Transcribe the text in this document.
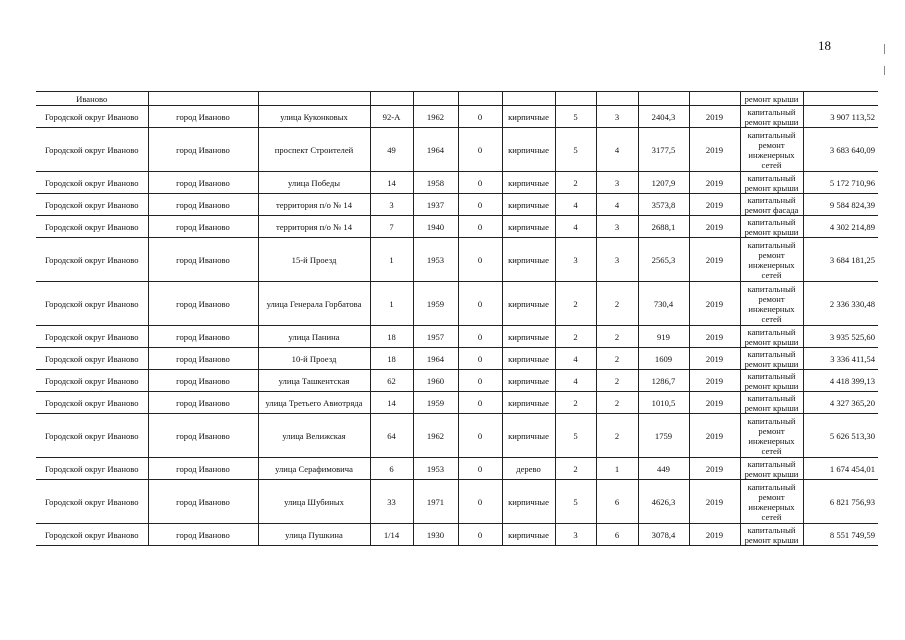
18
Иваново											ремонт крыши	
Городской округ Иваново	город Иваново	улица Куконковых	92-А	1962	0	кирпичные	5	3	2404,3	2019	капитальный ремонт крыши	3 907 113,52
Городской округ Иваново	город Иваново	проспект Строителей	49	1964	0	кирпичные	5	4	3177,5	2019	капитальный ремонт инженерных сетей	3 683 640,09
Городской округ Иваново	город Иваново	улица Победы	14	1958	0	кирпичные	2	3	1207,9	2019	капитальный ремонт крыши	5 172 710,96
Городской округ Иваново	город Иваново	территория п/о № 14	3	1937	0	кирпичные	4	4	3573,8	2019	капитальный ремонт фасада	9 584 824,39
Городской округ Иваново	город Иваново	территория п/о № 14	7	1940	0	кирпичные	4	3	2688,1	2019	капитальный ремонт крыши	4 302 214,89
Городской округ Иваново	город Иваново	15-й Проезд	1	1953	0	кирпичные	3	3	2565,3	2019	капитальный ремонт инженерных сетей	3 684 181,25
Городской округ Иваново	город Иваново	улица Генерала Горбатова	1	1959	0	кирпичные	2	2	730,4	2019	капитальный ремонт инженерных сетей	2 336 330,48
Городской округ Иваново	город Иваново	улица Панина	18	1957	0	кирпичные	2	2	919	2019	капитальный ремонт крыши	3 935 525,60
Городской округ Иваново	город Иваново	10-й Проезд	18	1964	0	кирпичные	4	2	1609	2019	капитальный ремонт крыши	3 336 411,54
Городской округ Иваново	город Иваново	улица Ташкентская	62	1960	0	кирпичные	4	2	1286,7	2019	капитальный ремонт крыши	4 418 399,13
Городской округ Иваново	город Иваново	улица Третьего Авиотряда	14	1959	0	кирпичные	2	2	1010,5	2019	капитальный ремонт крыши	4 327 365,20
Городской округ Иваново	город Иваново	улица Велижская	64	1962	0	кирпичные	5	2	1759	2019	капитальный ремонт инженерных сетей	5 626 513,30
Городской округ Иваново	город Иваново	улица Серафимовича	6	1953	0	дерево	2	1	449	2019	капитальный ремонт крыши	1 674 454,01
Городской округ Иваново	город Иваново	улица Шубиных	33	1971	0	кирпичные	5	6	4626,3	2019	капитальный ремонт инженерных сетей	6 821 756,93
Городской округ Иваново	город Иваново	улица Пушкина	1/14	1930	0	кирпичные	3	6	3078,4	2019	капитальный ремонт крыши	8 551 749,59
